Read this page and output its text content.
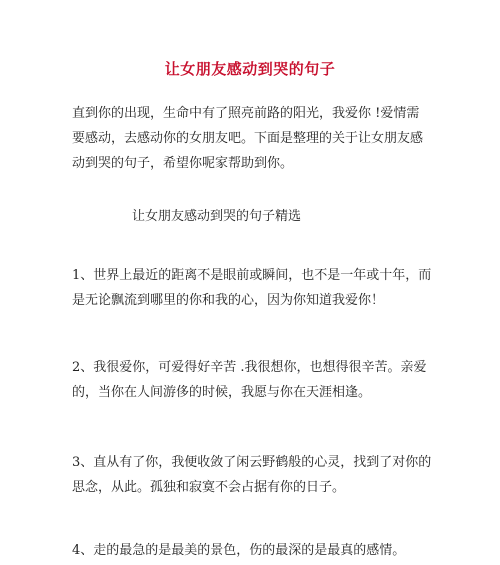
让女朋友感动到哭的句子
直到你的出现，生命中有了照亮前路的阳光，我爱你 !爱情需要感动，去感动你的女朋友吧。下面是整理的关于让女朋友感动到哭的句子，希望你呢家帮助到你。
让女朋友感动到哭的句子精选
1、世界上最近的距离不是眼前或瞬间，也不是一年或十年，而是无论飘流到哪里的你和我的心，因为你知道我爱你！
2、我很爱你，可爱得好辛苦 .我很想你，也想得很辛苦。亲爱的，当你在人间游侈的时候，我愿与你在天涯相逢。
3、直从有了你，我便收敛了闲云野鹤般的心灵，找到了对你的思念，从此。孤独和寂寞不会占据有你的日子。
4、走的最急的是最美的景色，伤的最深的是最真的感情。
